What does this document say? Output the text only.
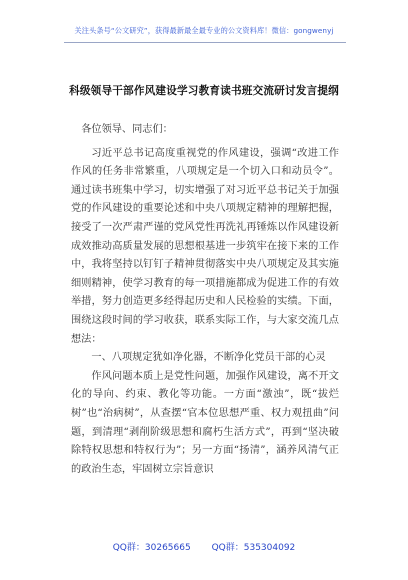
关注头条号“公文研究”，获得最新最全最专业的公文资料库！微信：gongwenyj
科级领导干部作风建设学习教育读书班交流研讨发言提纲

各位领导、同志们：

习近平总书记高度重视党的作风建设，强调“改进工作作风的任务非常繁重，八项规定是一个切入口和动员令”。通过读书班集中学习，切实增强了对习近平总书记关于加强党的作风建设的重要论述和中央八项规定精神的理解把握，接受了一次严肃严谨的党风党性再洗礼再锤炼以作风建设新成效推动高质量发展的思想根基进一步筑牢在接下来的工作中，我将坚持以钉钉子精神贯彻落实中央八项规定及其实施细则精神，使学习教育的每一项措施都成为促进工作的有效举措，努力创造更多经得起历史和人民检验的实绩。下面，围绕这段时间的学习收获，联系实际工作，与大家交流几点想法：

一、八项规定犹如净化器，不断净化党员干部的心灵

作风问题本质上是党性问题，加强作风建设，离不开文化的导向、约束、教化等功能。一方面“激浊”，既“拔烂树”也“治病树”，从查摆“官本位思想严重、权力观扭曲”问题，到清理“剥削阶级思想和腐朽生活方式”，再到“坚决破除特权思想和特权行为”；另一方面“扬清”，涵养风清气正的政治生态，牢固树立宗旨意识

QQ群：30265665 QQ群：535304092
